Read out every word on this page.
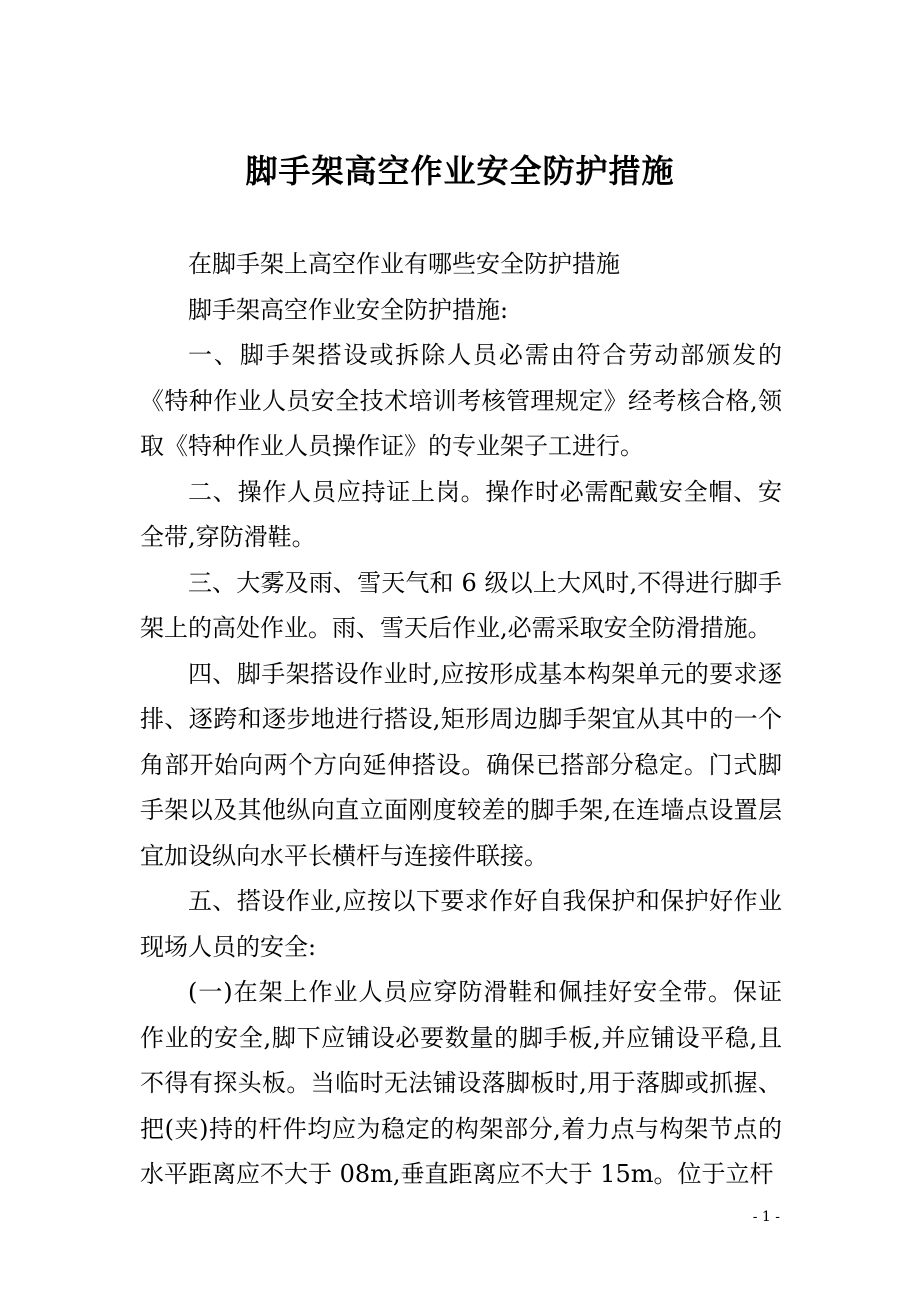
脚手架高空作业安全防护措施

在脚手架上高空作业有哪些安全防护措施

脚手架高空作业安全防护措施:

一、脚手架搭设或拆除人员必需由符合劳动部颁发的《特种作业人员安全技术培训考核管理规定》经考核合格,领取《特种作业人员操作证》的专业架子工进行。

二、操作人员应持证上岗。操作时必需配戴安全帽、安全带,穿防滑鞋。

三、大雾及雨、雪天气和 6 级以上大风时,不得进行脚手架上的高处作业。雨、雪天后作业,必需采取安全防滑措施。

四、脚手架搭设作业时,应按形成基本构架单元的要求逐排、逐跨和逐步地进行搭设,矩形周边脚手架宜从其中的一个角部开始向两个方向延伸搭设。确保已搭部分稳定。门式脚手架以及其他纵向直立面刚度较差的脚手架,在连墙点设置层宜加设纵向水平长横杆与连接件联接。

五、搭设作业,应按以下要求作好自我保护和保护好作业现场人员的安全:

(一)在架上作业人员应穿防滑鞋和佩挂好安全带。保证作业的安全,脚下应铺设必要数量的脚手板,并应铺设平稳,且不得有探头板。当临时无法铺设落脚板时,用于落脚或抓握、把(夹)持的杆件均应为稳定的构架部分,着力点与构架节点的水平距离应不大于 08m,垂直距离应不大于 15m。位于立杆

- 1 -
